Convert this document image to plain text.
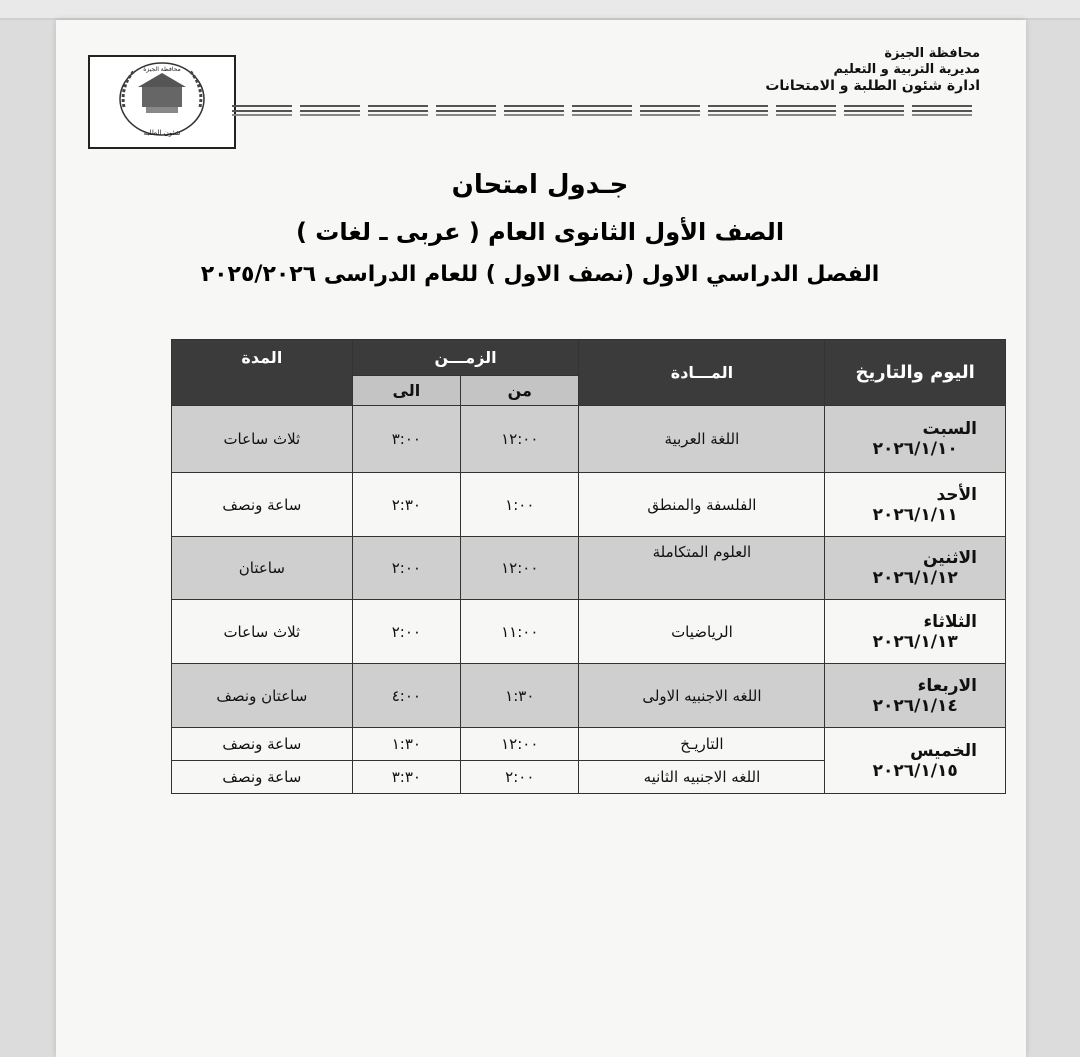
محافظة الجيزة
مديرية التربية و التعليم
ادارة شئون الطلبة و الامتحانات
محافظة الجيزة
شئون الطلبة
جـدول امتحان
الصف الأول الثانوى العام ( عربى ـ لغات )
الفصل الدراسي الاول (نصف الاول ) للعام الدراسى ٢٠٢٥/٢٠٢٦
اليوم والتاريخ	المـــادة	الزمـــن		المدة
		من	الى	

السبت
٢٠٢٦/١/١٠	اللغة العربية	١٢:٠٠	٣:٠٠	ثلاث ساعات

الأحد
٢٠٢٦/١/١١	الفلسفة والمنطق	١:٠٠	٢:٣٠	ساعة ونصف

الاثنين
٢٠٢٦/١/١٢	العلوم المتكاملة	١٢:٠٠	٢:٠٠	ساعتان

الثلاثاء
٢٠٢٦/١/١٣	الرياضيات	١١:٠٠	٢:٠٠	ثلاث ساعات

الاربعاء
٢٠٢٦/١/١٤	اللغه الاجنبيه الاولى	١:٣٠	٤:٠٠	ساعتان ونصف

الخميس
٢٠٢٦/١/١٥	التاريـخ	١٢:٠٠	١:٣٠	ساعة ونصف
	اللغه الاجنبيه الثانيه	٢:٠٠	٣:٣٠	ساعة ونصف
